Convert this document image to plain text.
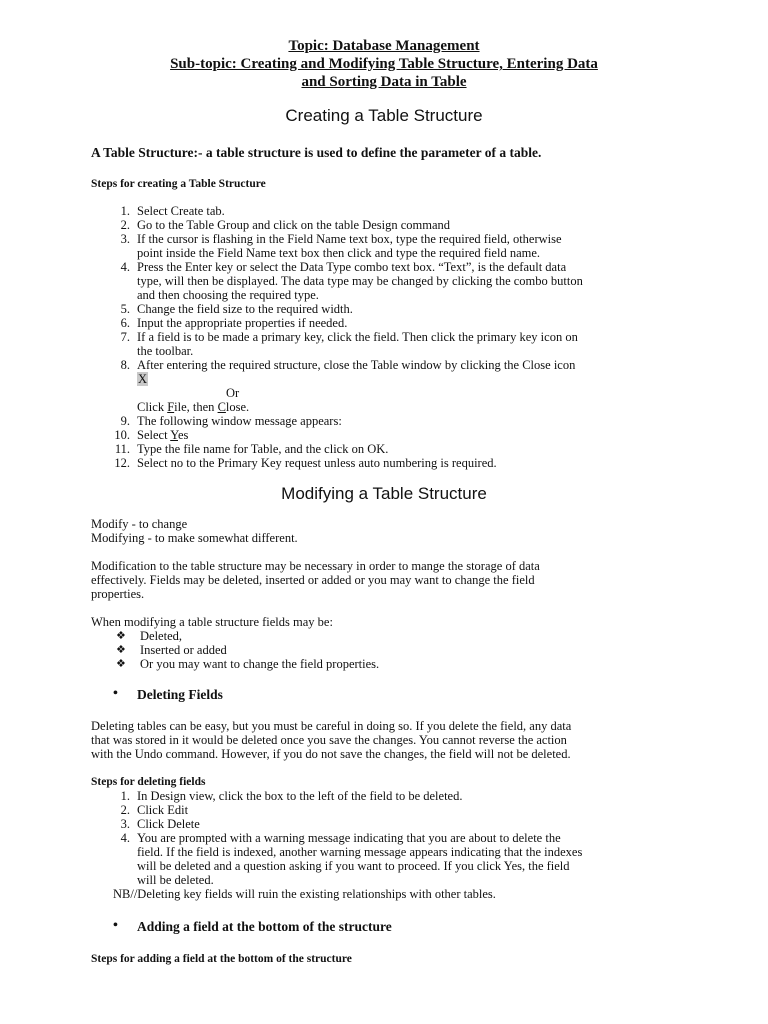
Topic: Database Management
Sub-topic: Creating and Modifying Table Structure, Entering Data
and Sorting Data in Table
Creating a Table Structure
A Table Structure:- a table structure is used to define the parameter of a table.
Steps for creating a Table Structure
1. Select Create tab.
2. Go to the Table Group and click on the table Design command
3. If the cursor is flashing in the Field Name text box, type the required field, otherwise
point inside the Field Name text box then click and type the required field name.
4. Press the Enter key or select the Data Type combo text box. “Text”, is the default data
type, will then be displayed. The data type may be changed by clicking the combo button
and then choosing the required type.
5. Change the field size to the required width.
6. Input the appropriate properties if needed.
7. If a field is to be made a primary key, click the field. Then click the primary key icon on
the toolbar.
8. After entering the required structure, close the Table window by clicking the Close icon
X
Or
Click File, then Close.
9. The following window message appears:
10. Select Yes
11. Type the file name for Table, and the click on OK.
12. Select no to the Primary Key request unless auto numbering is required.
Modifying a Table Structure
Modify - to change
Modifying - to make somewhat different.
Modification to the table structure may be necessary in order to mange the storage of data
effectively. Fields may be deleted, inserted or added or you may want to change the field
properties.
When modifying a table structure fields may be:
❖ Deleted,
❖ Inserted or added
❖ Or you may want to change the field properties.
• Deleting Fields
Deleting tables can be easy, but you must be careful in doing so. If you delete the field, any data
that was stored in it would be deleted once you save the changes. You cannot reverse the action
with the Undo command. However, if you do not save the changes, the field will not be deleted.
Steps for deleting fields
1. In Design view, click the box to the left of the field to be deleted.
2. Click Edit
3. Click Delete
4. You are prompted with a warning message indicating that you are about to delete the
field. If the field is indexed, another warning message appears indicating that the indexes
will be deleted and a question asking if you want to proceed. If you click Yes, the field
will be deleted.
NB//Deleting key fields will ruin the existing relationships with other tables.
• Adding a field at the bottom of the structure
Steps for adding a field at the bottom of the structure
